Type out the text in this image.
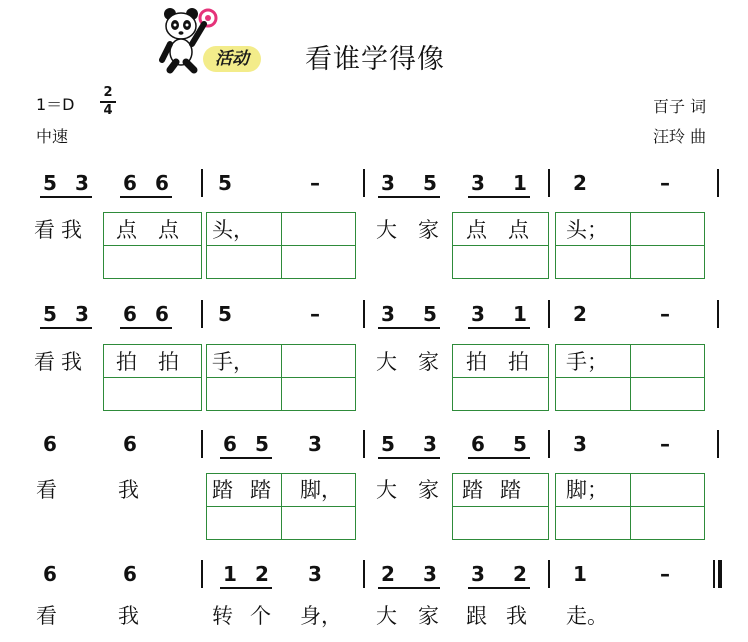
活动	看谁学得像
1＝D
2
4
中速
百子 词
汪玲 曲
5 3 6 6 5	–	3 5 3 1 2	–
看我 点 点 头，	大 家 点 点 头；
5 3 6 6 5	–	3 5 3 1 2	–
看我 拍 拍 手，	大 家 拍 拍 手；
6	6	6 5 3	5 3 6 5 3	–
看	我	踏 踏 脚， 大 家 踏 踏 脚；
6	6	1 2 3	2 3 3 2 1	–
看	我	转 个 身， 大 家 跟 我 走。
